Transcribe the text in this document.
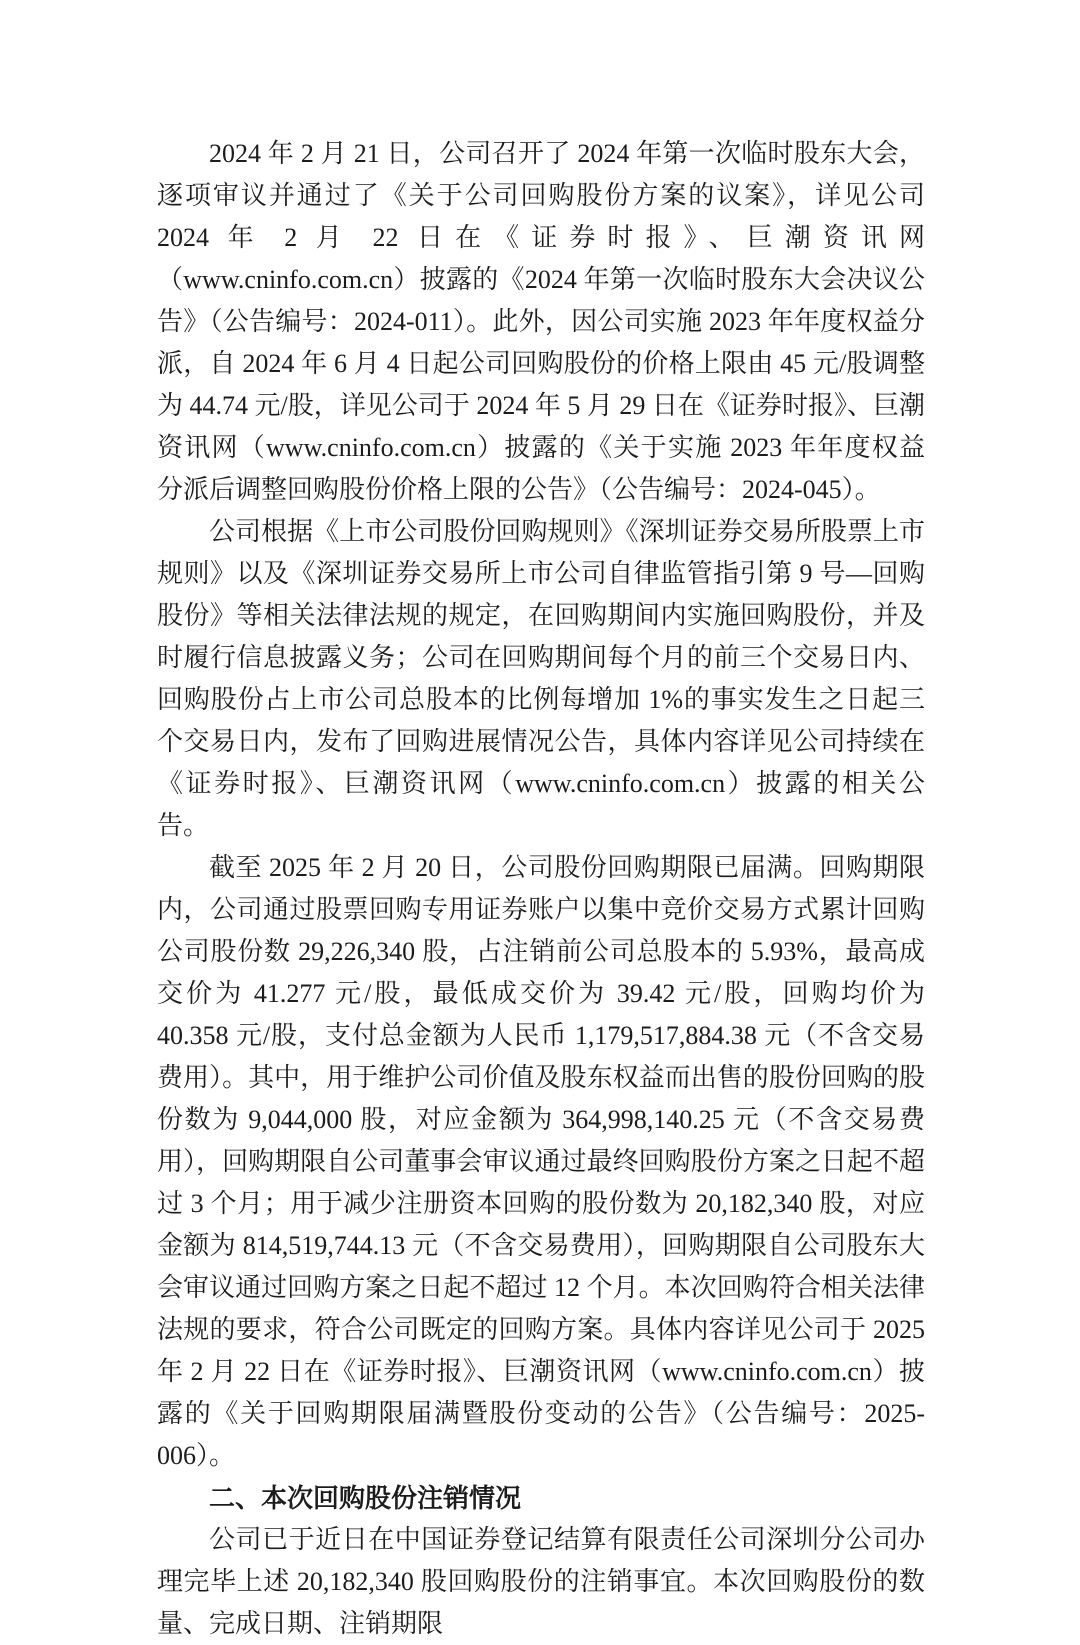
2024 年 2 月 21 日，公司召开了 2024 年第一次临时股东大会，逐项审议并通过了《关于公司回购股份方案的议案》，详见公司 2024 年 2 月 22 日在《证券时报》、巨潮资讯网（www.cninfo.com.cn）披露的《2024 年第一次临时股东大会决议公告》（公告编号：2024-011）。此外，因公司实施 2023 年年度权益分派，自 2024 年 6 月 4 日起公司回购股份的价格上限由 45 元/股调整为 44.74 元/股，详见公司于 2024 年 5 月 29 日在《证券时报》、巨潮资讯网（www.cninfo.com.cn）披露的《关于实施 2023 年年度权益分派后调整回购股份价格上限的公告》（公告编号：2024-045）。

公司根据《上市公司股份回购规则》《深圳证券交易所股票上市规则》以及《深圳证券交易所上市公司自律监管指引第 9 号—回购股份》等相关法律法规的规定，在回购期间内实施回购股份，并及时履行信息披露义务；公司在回购期间每个月的前三个交易日内、回购股份占上市公司总股本的比例每增加 1%的事实发生之日起三个交易日内，发布了回购进展情况公告，具体内容详见公司持续在《证券时报》、巨潮资讯网（www.cninfo.com.cn）披露的相关公告。

截至 2025 年 2 月 20 日，公司股份回购期限已届满。回购期限内，公司通过股票回购专用证券账户以集中竞价交易方式累计回购公司股份数 29,226,340 股，占注销前公司总股本的 5.93%，最高成交价为 41.277 元/股，最低成交价为 39.42 元/股，回购均价为 40.358 元/股，支付总金额为人民币 1,179,517,884.38 元（不含交易费用）。其中，用于维护公司价值及股东权益而出售的股份回购的股份数为 9,044,000 股，对应金额为 364,998,140.25 元（不含交易费用），回购期限自公司董事会审议通过最终回购股份方案之日起不超过 3 个月；用于减少注册资本回购的股份数为 20,182,340 股，对应金额为 814,519,744.13 元（不含交易费用），回购期限自公司股东大会审议通过回购方案之日起不超过 12 个月。本次回购符合相关法律法规的要求，符合公司既定的回购方案。具体内容详见公司于 2025 年 2 月 22 日在《证券时报》、巨潮资讯网（www.cninfo.com.cn）披露的《关于回购期限届满暨股份变动的公告》（公告编号：2025-006）。

二、本次回购股份注销情况

公司已于近日在中国证券登记结算有限责任公司深圳分公司办理完毕上述 20,182,340 股回购股份的注销事宜。本次回购股份的数量、完成日期、注销期限
